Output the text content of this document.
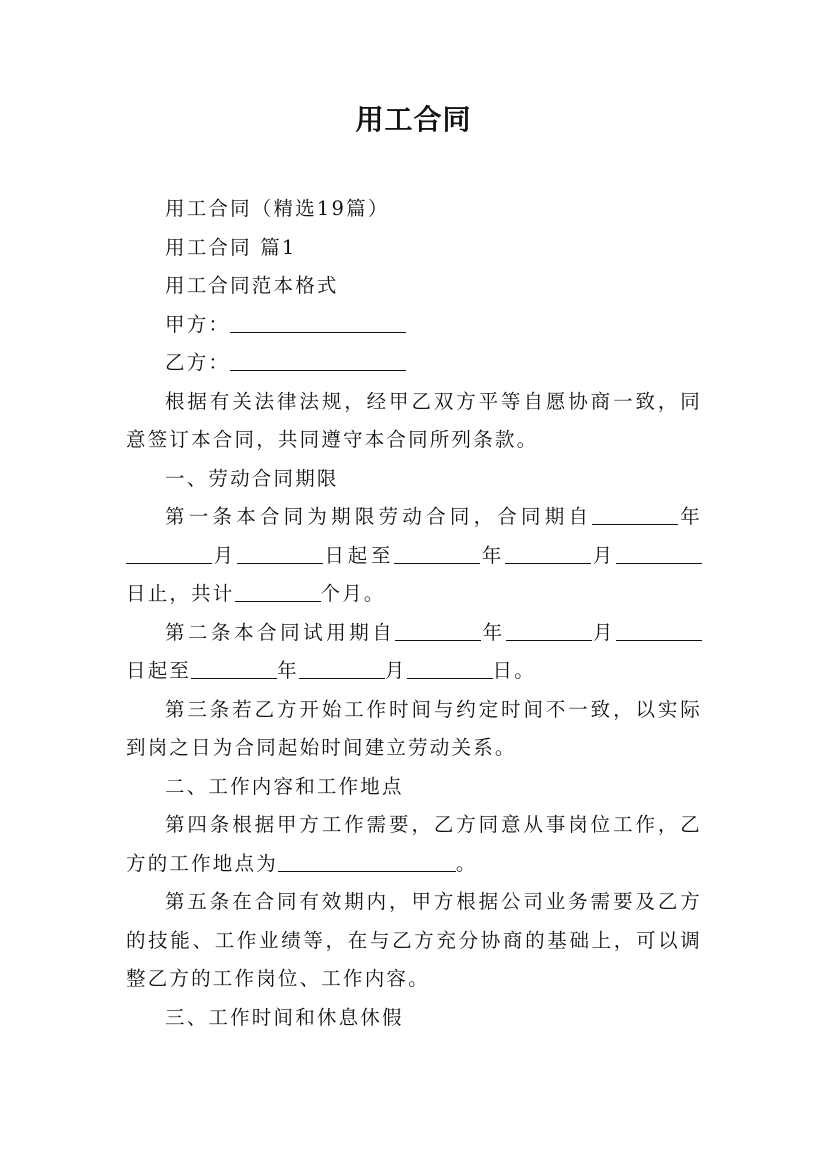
用工合同

用工合同（精选19篇）

用工合同 篇1

用工合同范本格式

甲方：

乙方：

根据有关法律法规，经甲乙双方平等自愿协商一致，同意签订本合同，共同遵守本合同所列条款。

一、劳动合同期限

第一条本合同为期限劳动合同，合同期自	年月	日起至	年	月日止，共计	个月。

第二条本合同试用期自	年	月日起至	年	月	日。

第三条若乙方开始工作时间与约定时间不一致，以实际到岗之日为合同起始时间建立劳动关系。

二、工作内容和工作地点

第四条根据甲方工作需要，乙方同意从事岗位工作，乙方的工作地点为	。

第五条在合同有效期内，甲方根据公司业务需要及乙方的技能、工作业绩等，在与乙方充分协商的基础上，可以调整乙方的工作岗位、工作内容。

三、工作时间和休息休假
